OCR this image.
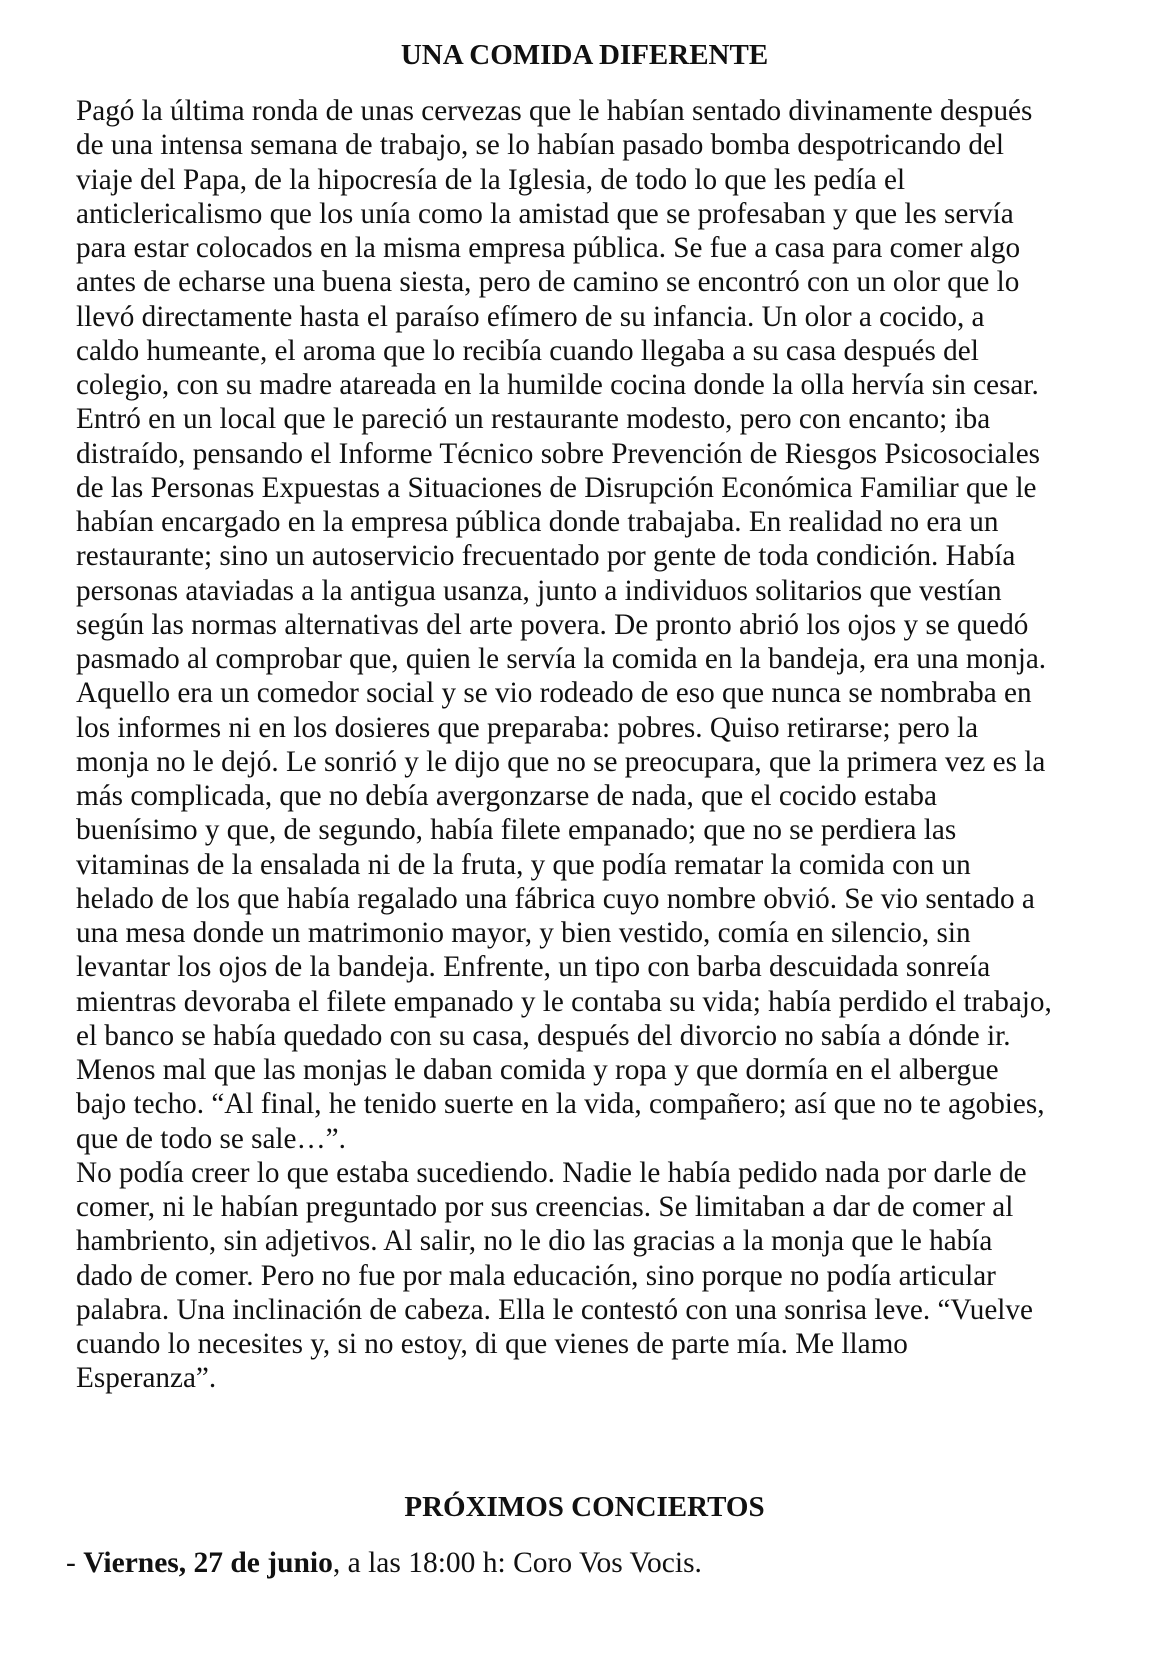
UNA COMIDA DIFERENTE
Pagó la última ronda de unas cervezas que le habían sentado divinamente después
de una intensa semana de trabajo, se lo habían pasado bomba despotricando del
viaje del Papa, de la hipocresía de la Iglesia, de todo lo que les pedía el
anticlericalismo que los unía como la amistad que se profesaban y que les servía
para estar colocados en la misma empresa pública. Se fue a casa para comer algo
antes de echarse una buena siesta, pero de camino se encontró con un olor que lo
llevó directamente hasta el paraíso efímero de su infancia. Un olor a cocido, a
caldo humeante, el aroma que lo recibía cuando llegaba a su casa después del
colegio, con su madre atareada en la humilde cocina donde la olla hervía sin cesar.
Entró en un local que le pareció un restaurante modesto, pero con encanto; iba
distraído, pensando el Informe Técnico sobre Prevención de Riesgos Psicosociales
de las Personas Expuestas a Situaciones de Disrupción Económica Familiar que le
habían encargado en la empresa pública donde trabajaba. En realidad no era un
restaurante; sino un autoservicio frecuentado por gente de toda condición. Había
personas ataviadas a la antigua usanza, junto a individuos solitarios que vestían
según las normas alternativas del arte povera. De pronto abrió los ojos y se quedó
pasmado al comprobar que, quien le servía la comida en la bandeja, era una monja.
Aquello era un comedor social y se vio rodeado de eso que nunca se nombraba en
los informes ni en los dosieres que preparaba: pobres. Quiso retirarse; pero la
monja no le dejó. Le sonrió y le dijo que no se preocupara, que la primera vez es la
más complicada, que no debía avergonzarse de nada, que el cocido estaba
buenísimo y que, de segundo, había filete empanado; que no se perdiera las
vitaminas de la ensalada ni de la fruta, y que podía rematar la comida con un
helado de los que había regalado una fábrica cuyo nombre obvió. Se vio sentado a
una mesa donde un matrimonio mayor, y bien vestido, comía en silencio, sin
levantar los ojos de la bandeja. Enfrente, un tipo con barba descuidada sonreía
mientras devoraba el filete empanado y le contaba su vida; había perdido el trabajo,
el banco se había quedado con su casa, después del divorcio no sabía a dónde ir.
Menos mal que las monjas le daban comida y ropa y que dormía en el albergue
bajo techo. “Al final, he tenido suerte en la vida, compañero; así que no te agobies,
que de todo se sale…”.
No podía creer lo que estaba sucediendo. Nadie le había pedido nada por darle de
comer, ni le habían preguntado por sus creencias. Se limitaban a dar de comer al
hambriento, sin adjetivos. Al salir, no le dio las gracias a la monja que le había
dado de comer. Pero no fue por mala educación, sino porque no podía articular
palabra. Una inclinación de cabeza. Ella le contestó con una sonrisa leve. “Vuelve
cuando lo necesites y, si no estoy, di que vienes de parte mía. Me llamo
Esperanza”.
PRÓXIMOS CONCIERTOS

- Viernes, 27 de junio, a las 18:00 h: Coro Vos Vocis.
